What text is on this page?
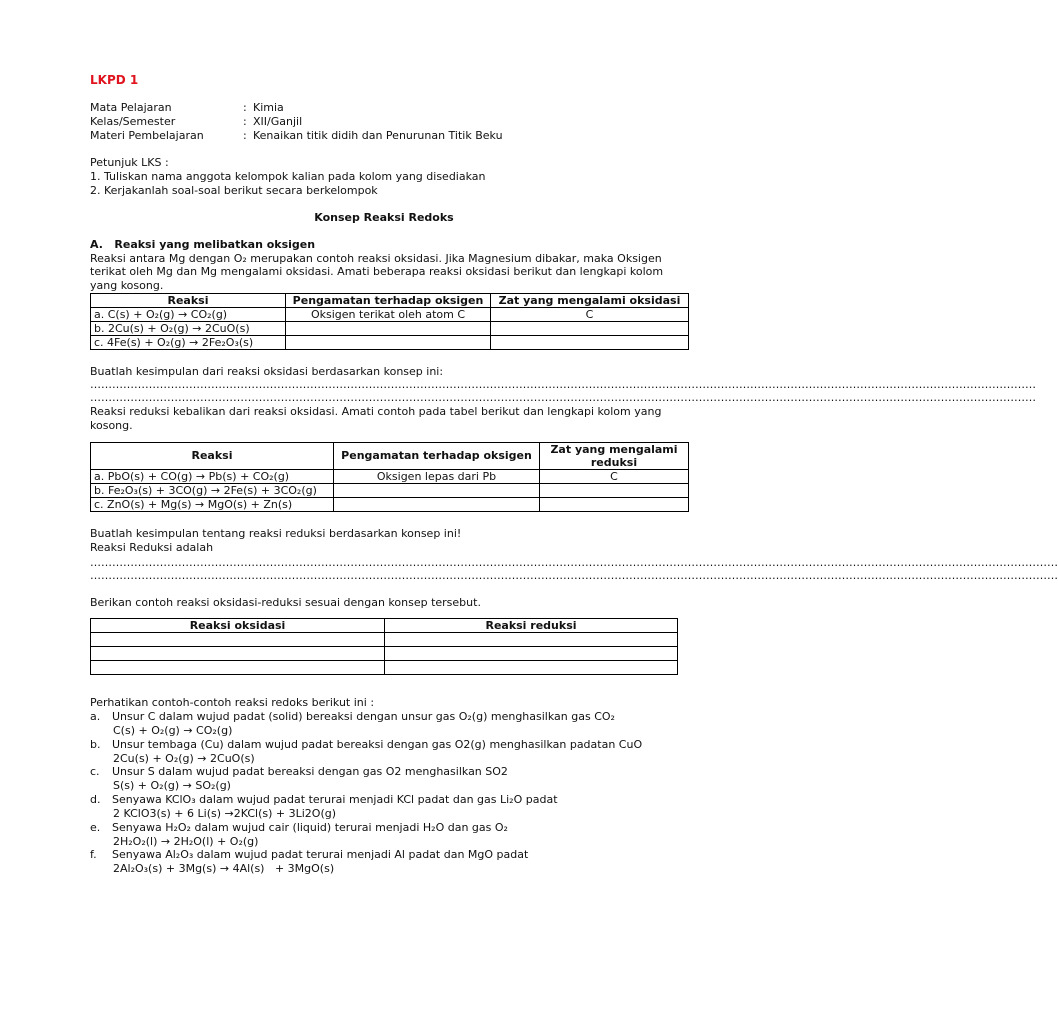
LKPD 1
Mata Pelajaran	: Kimia
Kelas/Semester	: XII/Ganjil
Materi Pembelajaran	: Kenaikan titik didih dan Penurunan Titik Beku
Petunjuk LKS :
1. Tuliskan nama anggota kelompok kalian pada kolom yang disediakan
2. Kerjakanlah soal-soal berikut secara berkelompok
Konsep Reaksi Redoks
A.   Reaksi yang melibatkan oksigen
Reaksi antara Mg dengan O₂ merupakan contoh reaksi oksidasi. Jika Magnesium dibakar, maka Oksigen
terikat oleh Mg dan Mg mengalami oksidasi. Amati beberapa reaksi oksidasi berikut dan lengkapi kolom
yang kosong.
Reaksi	Pengamatan terhadap oksigen	Zat yang mengalami oksidasi
a. C(s) + O₂(g) → CO₂(g)	Oksigen terikat oleh atom C	C
b. 2Cu(s) + O₂(g) → 2CuO(s)		
c. 4Fe(s) + O₂(g) → 2Fe₂O₃(s)		
Buatlah kesimpulan dari reaksi oksidasi berdasarkan konsep ini:
……………………………………………………………………………………………………………………………………………………………………………………………………………………………………
……………………………………………………………………………………………………………………………………………………………………………………………………………………………………
Reaksi reduksi kebalikan dari reaksi oksidasi. Amati contoh pada tabel berikut dan lengkapi kolom yang
kosong.
Reaksi	Pengamatan terhadap oksigen	Zat yang mengalami
reduksi
a. PbO(s) + CO(g) → Pb(s) + CO₂(g)	Oksigen lepas dari Pb	C
b. Fe₂O₃(s) + 3CO(g) → 2Fe(s) + 3CO₂(g)		
c. ZnO(s) + Mg(s) → MgO(s) + Zn(s)		
Buatlah kesimpulan tentang reaksi reduksi berdasarkan konsep ini!
Reaksi Reduksi adalah
…………………………………………………………………………………………………………………………………………………………………………………………………………………………………………
…………………………………………………………………………………………………………………………………………………………………………………………………………………………………………
Berikan contoh reaksi oksidasi-reduksi sesuai dengan konsep tersebut.
Reaksi oksidasi	Reaksi reduksi

Perhatikan contoh-contoh reaksi redoks berikut ini :
a. Unsur C dalam wujud padat (solid) bereaksi dengan unsur gas O₂(g) menghasilkan gas CO₂
C(s) + O₂(g) → CO₂(g)
b. Unsur tembaga (Cu) dalam wujud padat bereaksi dengan gas O2(g) menghasilkan padatan CuO
2Cu(s) + O₂(g) → 2CuO(s)
c. Unsur S dalam wujud padat bereaksi dengan gas O2 menghasilkan SO2
S(s) + O₂(g) → SO₂(g)
d. Senyawa KClO₃ dalam wujud padat terurai menjadi KCl padat dan gas Li₂O padat
2 KClO3(s) + 6 Li(s) →2KCl(s) + 3Li2O(g)
e. Senyawa H₂O₂ dalam wujud cair (liquid) terurai menjadi H₂O dan gas O₂
2H₂O₂(l) → 2H₂O(l) + O₂(g)
f. Senyawa Al₂O₃ dalam wujud padat terurai menjadi Al padat dan MgO padat
2Al₂O₃(s) + 3Mg(s) → 4Al(s)   + 3MgO(s)
